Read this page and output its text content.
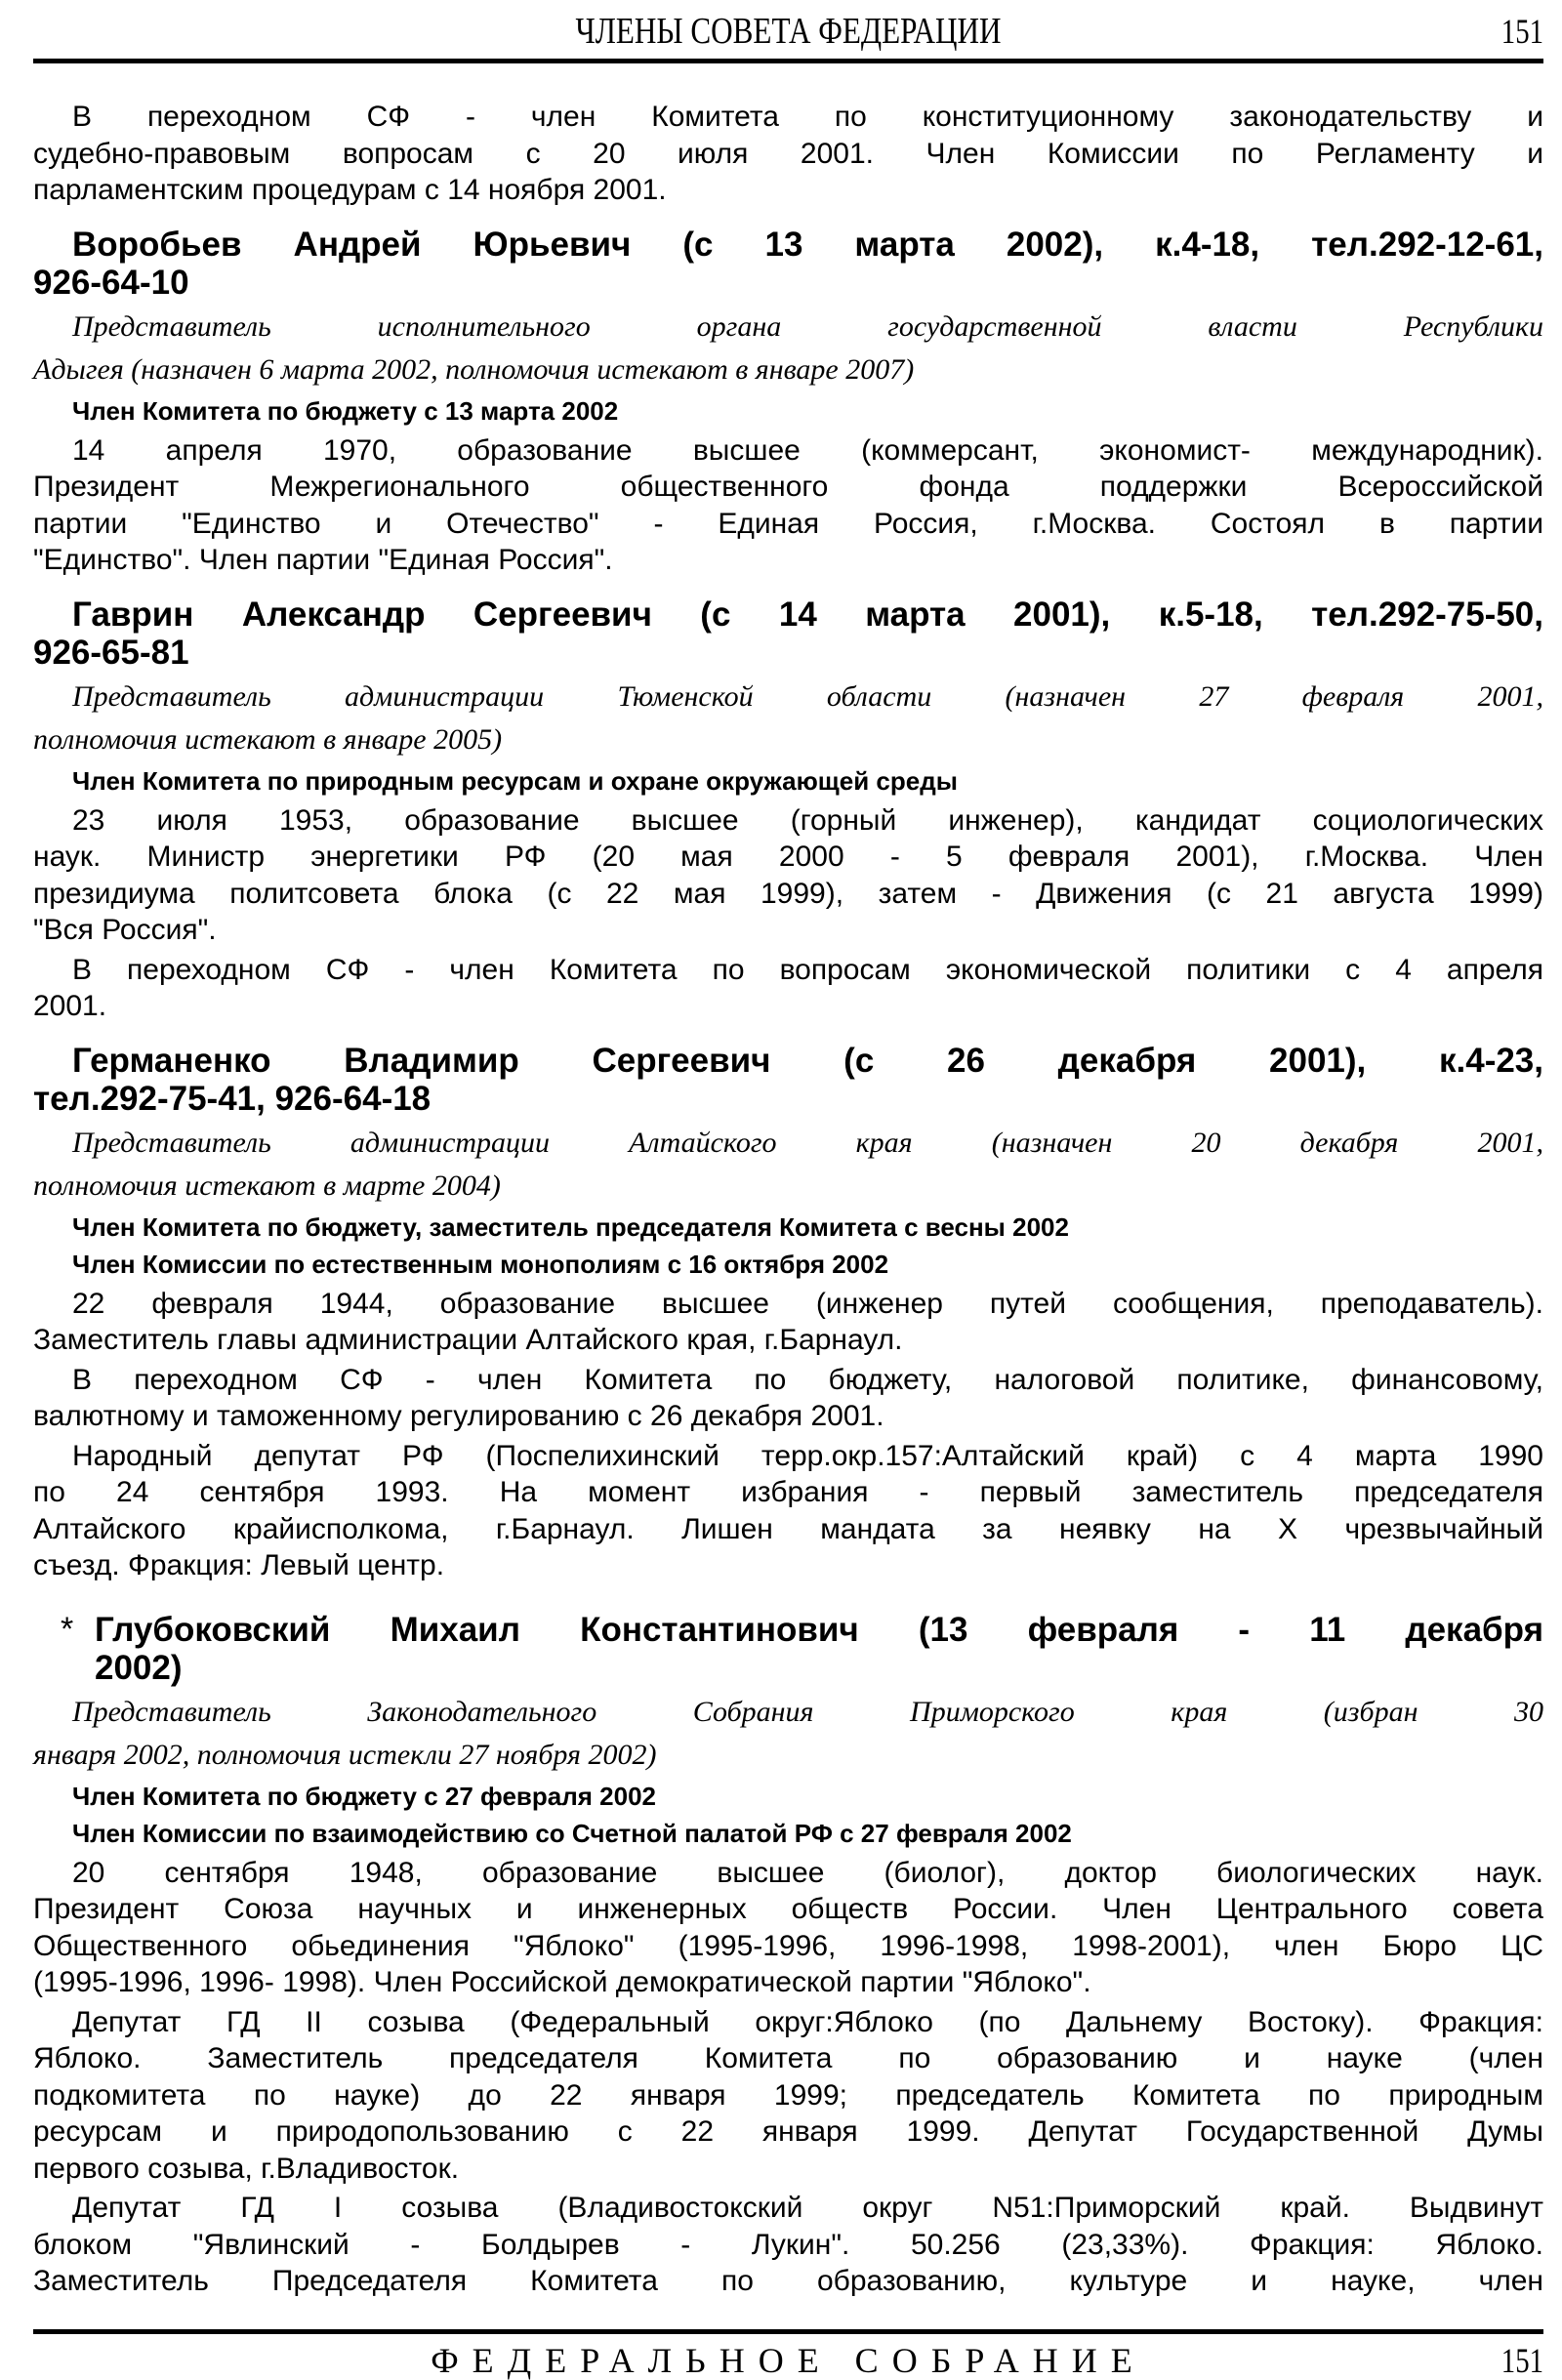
ЧЛЕНЫ СОВЕТА ФЕДЕРАЦИИ	151
В переходном СФ - член Комитета по конституционному законодательству и
судебно-правовым вопросам с 20 июля 2001. Член Комиссии по Регламенту и
парламентским процедурам с 14 ноября 2001.
Воробьев Андрей Юрьевич (с 13 марта 2002), к.4-18, тел.292-12-61,
926-64-10
Представитель исполнительного органа государственной власти Республики
Адыгея (назначен 6 марта 2002, полномочия истекают в январе 2007)
Член Комитета по бюджету с 13 марта 2002
14 апреля 1970, образование высшее (коммерсант, экономист- международник).
Президент Межрегионального общественного фонда поддержки Всероссийской
партии "Единство и Отечество" - Единая Россия, г.Москва. Состоял в партии
"Единство". Член партии "Единая Россия".
Гаврин Александр Сергеевич (с 14 марта 2001), к.5-18, тел.292-75-50,
926-65-81
Представитель администрации Тюменской области (назначен 27 февраля 2001,
полномочия истекают в январе 2005)
Член Комитета по природным ресурсам и охране окружающей среды
23 июля 1953, образование высшее (горный инженер), кандидат социологических
наук. Министр энергетики РФ (20 мая 2000 - 5 февраля 2001), г.Москва. Член
президиума политсовета блока (с 22 мая 1999), затем - Движения (с 21 августа 1999)
"Вся Россия".
В переходном СФ - член Комитета по вопросам экономической политики с 4 апреля
2001.
Германенко Владимир Сергеевич (с 26 декабря 2001), к.4-23,
тел.292-75-41, 926-64-18
Представитель администрации Алтайского края (назначен 20 декабря 2001,
полномочия истекают в марте 2004)
Член Комитета по бюджету, заместитель председателя Комитета с весны 2002
Член Комиссии по естественным монополиям с 16 октября 2002
22 февраля 1944, образование высшее (инженер путей сообщения, преподаватель).
Заместитель главы администрации Алтайского края, г.Барнаул.
В переходном СФ - член Комитета по бюджету, налоговой политике, финансовому,
валютному и таможенному регулированию с 26 декабря 2001.
Народный депутат РФ (Поспелихинский терр.окр.157:Алтайский край) с 4 марта 1990
по 24 сентября 1993. На момент избрания - первый заместитель председателя
Алтайского крайисполкома, г.Барнаул. Лишен мандата за неявку на X чрезвычайный
съезд. Фракция: Левый центр.
* Глубоковский Михаил Константинович (13 февраля - 11 декабря
2002)
Представитель Законодательного Собрания Приморского края (избран 30
января 2002, полномочия истекли 27 ноября 2002)
Член Комитета по бюджету с 27 февраля 2002
Член Комиссии по взаимодействию со Счетной палатой РФ с 27 февраля 2002
20 сентября 1948, образование высшее (биолог), доктор биологических наук.
Президент Союза научных и инженерных обществ России. Член Центрального совета
Общественного обьединения "Яблоко" (1995-1996, 1996-1998, 1998-2001), член Бюро ЦС
(1995-1996, 1996- 1998). Член Российской демократической партии "Яблоко".
Депутат ГД II созыва (Федеральный округ:Яблоко (по Дальнему Востоку). Фракция:
Яблоко. Заместитель председателя Комитета по образованию и науке (член
подкомитета по науке) до 22 января 1999; председатель Комитета по природным
ресурсам и природопользованию с 22 января 1999. Депутат Государственной Думы
первого созыва, г.Владивосток.
Депутат ГД I созыва (Владивостокский округ N51:Приморский край. Выдвинут
блоком "Явлинский - Болдырев - Лукин". 50.256 (23,33%). Фракция: Яблоко.
Заместитель Председателя Комитета по образованию, культуре и науке, член
ФЕДЕРАЛЬНОЕ СОБРАНИЕ	151
